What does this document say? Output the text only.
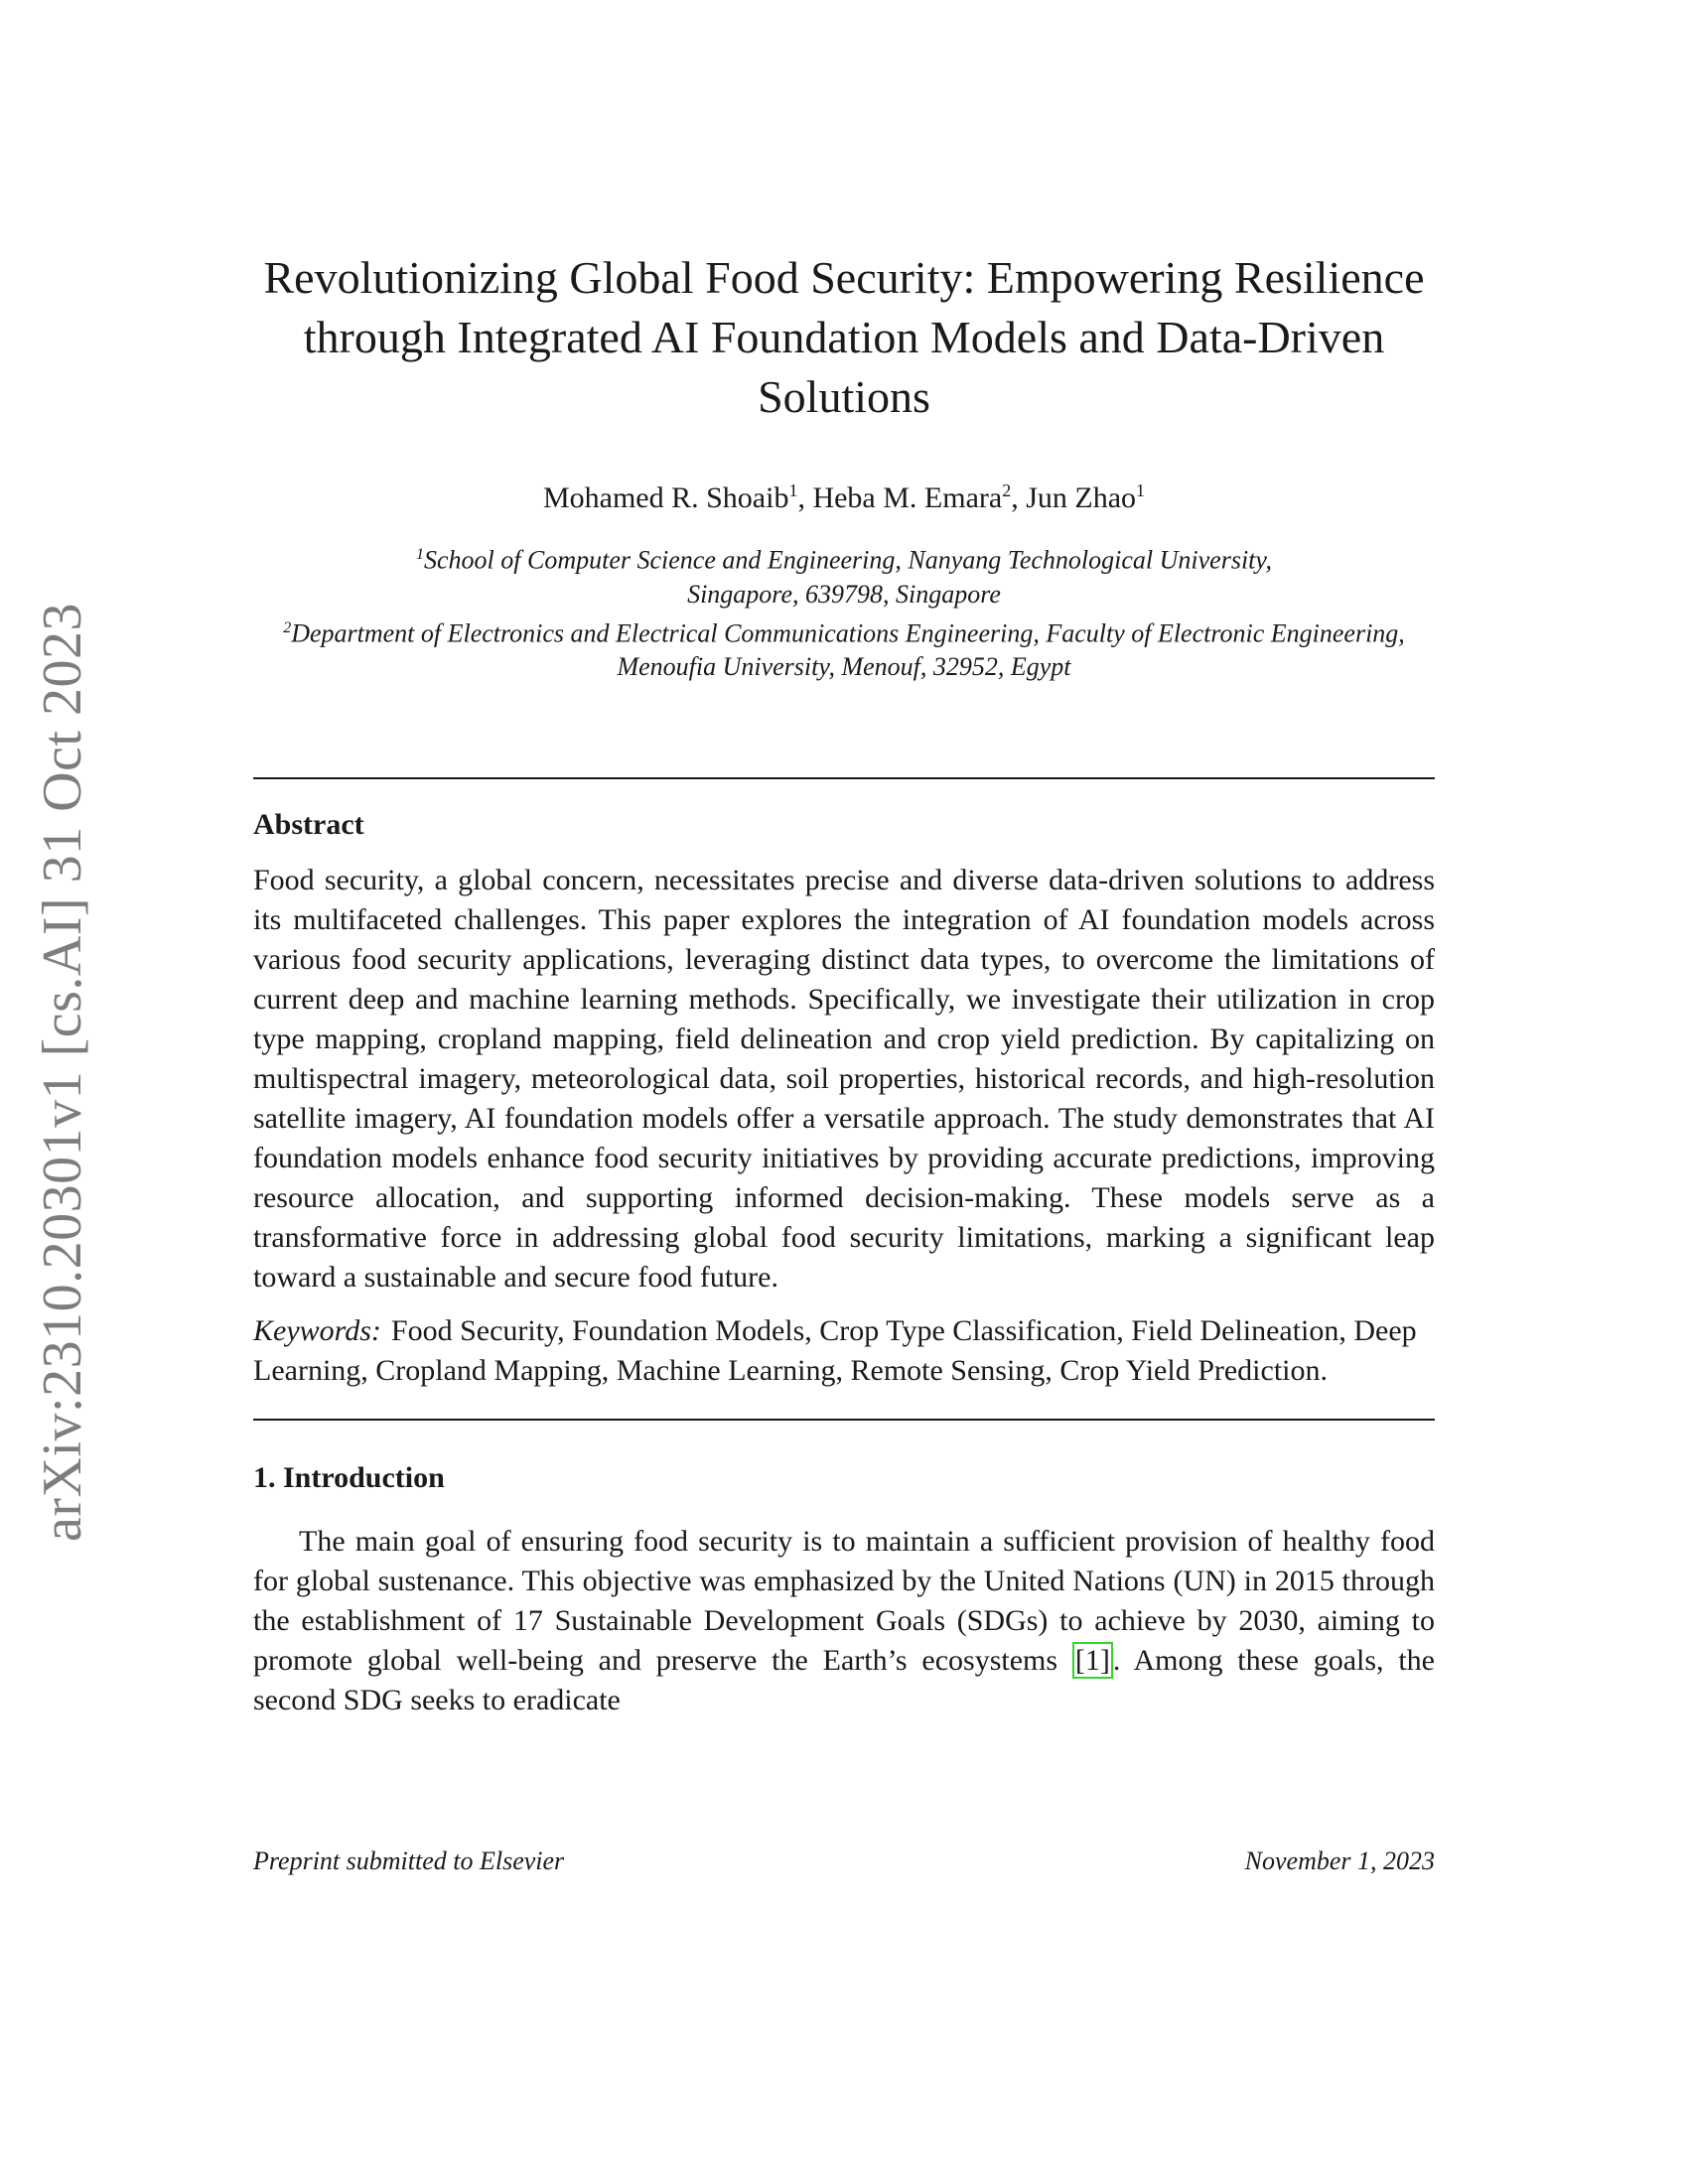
arXiv:2310.20301v1 [cs.AI] 31 Oct 2023
Revolutionizing Global Food Security: Empowering Resilience through Integrated AI Foundation Models and Data-Driven Solutions
Mohamed R. Shoaib$^1$, Heba M. Emara$^2$, Jun Zhao$^1$
$^1$School of Computer Science and Engineering, Nanyang Technological University, Singapore, 639798, Singapore
$^2$Department of Electronics and Electrical Communications Engineering, Faculty of Electronic Engineering, Menoufia University, Menouf, 32952, Egypt
Abstract

Food security, a global concern, necessitates precise and diverse data-driven solutions to address its multifaceted challenges. This paper explores the integration of AI foundation models across various food security applications, leveraging distinct data types, to overcome the limitations of current deep and machine learning methods. Specifically, we investigate their utilization in crop type mapping, cropland mapping, field delineation and crop yield prediction. By capitalizing on multispectral imagery, meteorological data, soil properties, historical records, and high-resolution satellite imagery, AI foundation models offer a versatile approach. The study demonstrates that AI foundation models enhance food security initiatives by providing accurate predictions, improving resource allocation, and supporting informed decision-making. These models serve as a transformative force in addressing global food security limitations, marking a significant leap toward a sustainable and secure food future.

Keywords: Food Security, Foundation Models, Crop Type Classification, Field Delineation, Deep Learning, Cropland Mapping, Machine Learning, Remote Sensing, Crop Yield Prediction.
1. Introduction

The main goal of ensuring food security is to maintain a sufficient provision of healthy food for global sustenance. This objective was emphasized by the United Nations (UN) in 2015 through the establishment of 17 Sustainable Development Goals (SDGs) to achieve by 2030, aiming to promote global well-being and preserve the Earth’s ecosystems [1] . Among these goals, the second SDG seeks to eradicate

Preprint submitted to Elsevier	November 1, 2023
